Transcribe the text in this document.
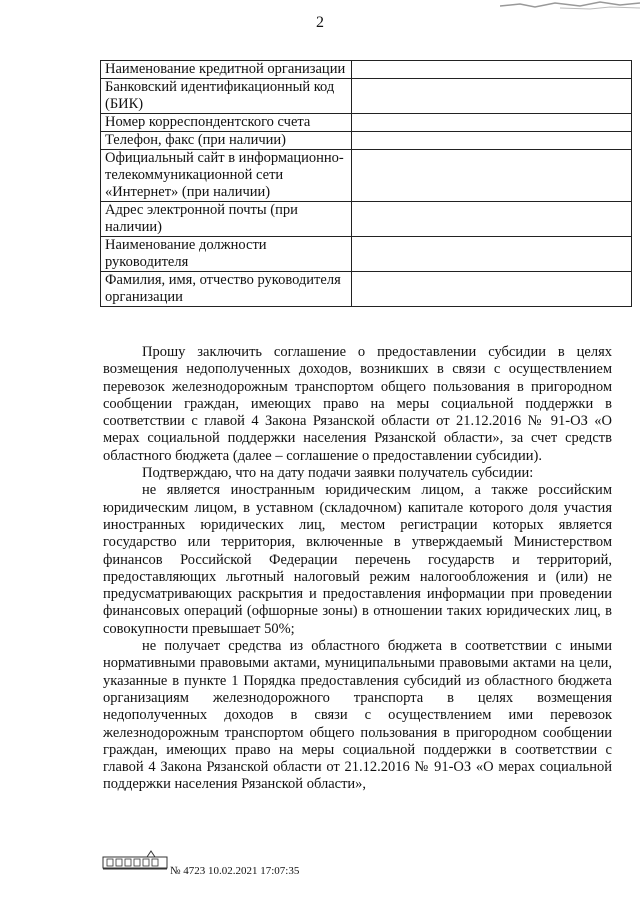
2
Наименование кредитной организации	
Банковский идентификационный код (БИК)	
Номер корреспондентского счета	
Телефон, факс (при наличии)	
Официальный сайт в информационно-телекоммуникационной сети «Интернет» (при наличии)	
Адрес электронной почты (при наличии)	
Наименование должности руководителя	
Фамилия, имя, отчество руководителя организации	

Прошу заключить соглашение о предоставлении субсидии в целях возмещения недополученных доходов, возникших в связи с осуществлением перевозок железнодорожным транспортом общего пользования в пригородном сообщении граждан, имеющих право на меры социальной поддержки в соответствии с главой 4 Закона Рязанской области от 21.12.2016 № 91-ОЗ «О мерах социальной поддержки населения Рязанской области», за счет средств областного бюджета (далее – соглашение о предоставлении субсидии).

Подтверждаю, что на дату подачи заявки получатель субсидии:

не является иностранным юридическим лицом, а также российским юридическим лицом, в уставном (складочном) капитале которого доля участия иностранных юридических лиц, местом регистрации которых является государство или территория, включенные в утверждаемый Министерством финансов Российской Федерации перечень государств и территорий, предоставляющих льготный налоговый режим налогообложения и (или) не предусматривающих раскрытия и предоставления информации при проведении финансовых операций (офшорные зоны) в отношении таких юридических лиц, в совокупности превышает 50%;

не получает средства из областного бюджета в соответствии с иными нормативными правовыми актами, муниципальными правовыми актами на цели, указанные в пункте 1 Порядка предоставления субсидий из областного бюджета организациям железнодорожного транспорта в целях возмещения недополученных доходов в связи с осуществлением ими перевозок железнодорожным транспортом общего пользования в пригородном сообщении граждан, имеющих право на меры социальной поддержки в соответствии с главой 4 Закона Рязанской области от 21.12.2016 № 91-ОЗ «О мерах социальной поддержки населения Рязанской области»,

№ 4723 10.02.2021 17:07:35
